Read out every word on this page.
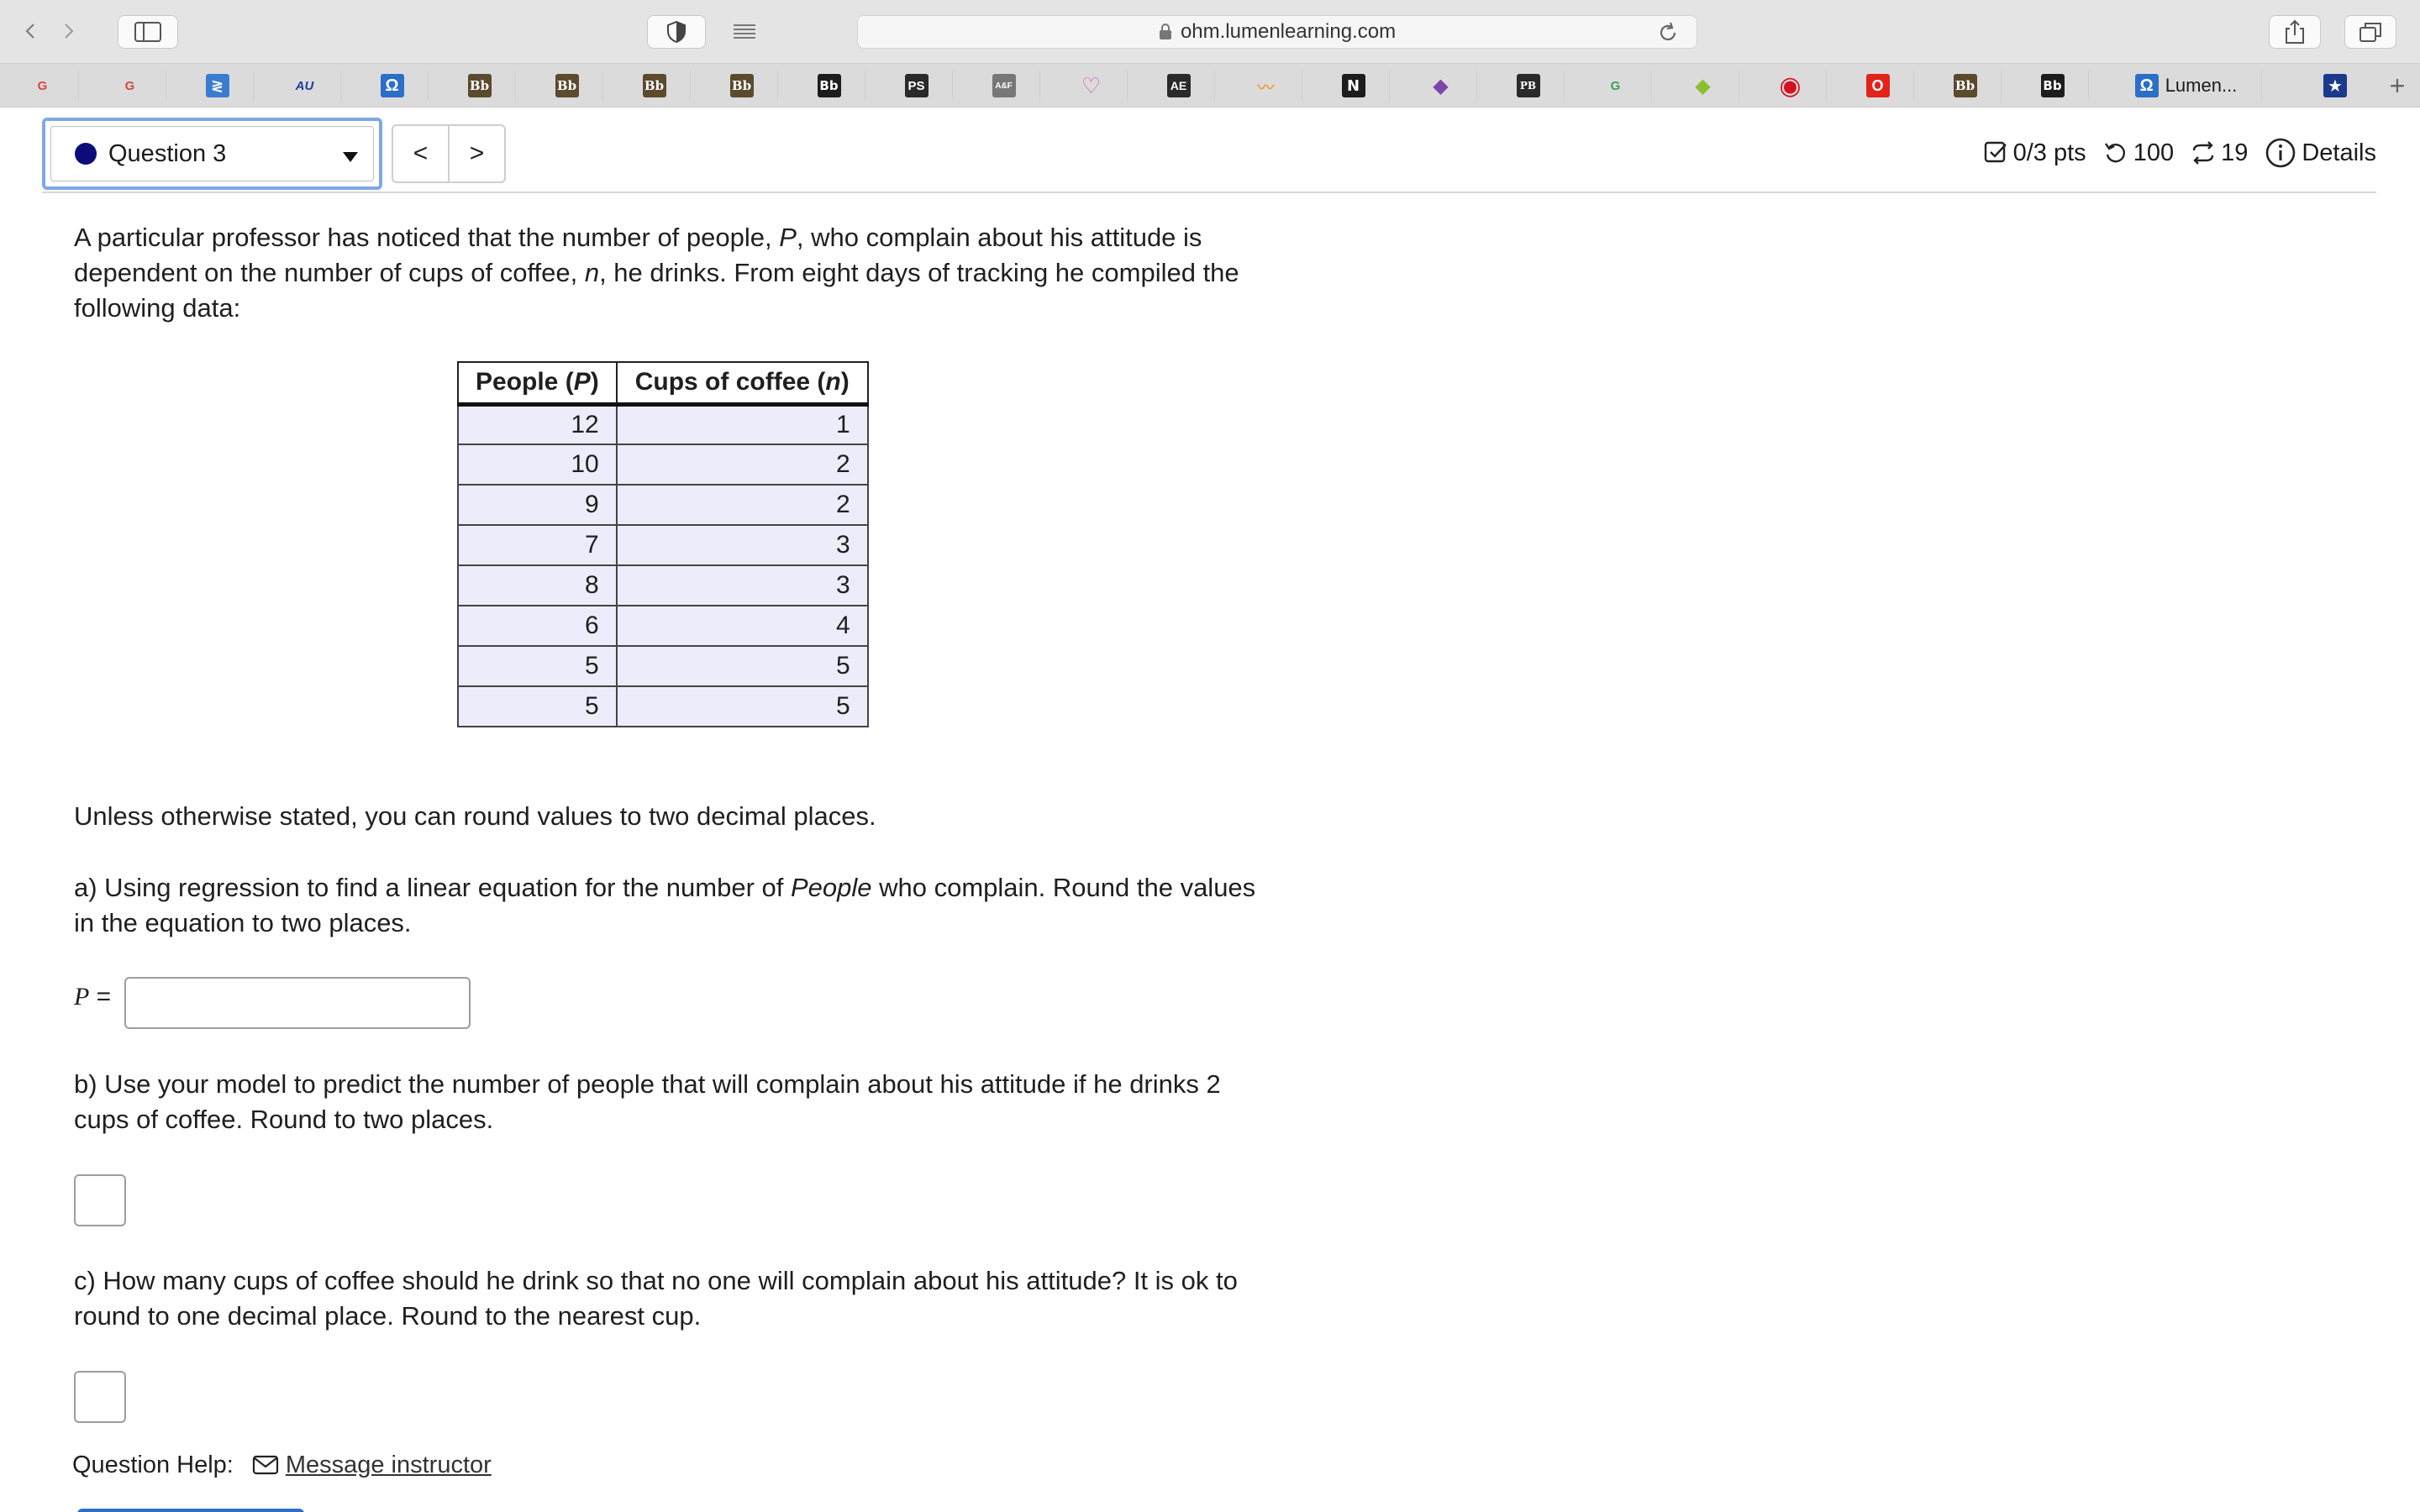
ohm.lumenlearning.com
G	G	≷	AU	Ω	Bb	Bb	Bb	Bb	Bb	PS	A&F	♡	AE	〰	N	◆	PB	G	◆	◉	O	Bb	Bb	Ω Lumen...	★	+
Question 3	<	>	0/3 pts 100 19 Details
A particular professor has noticed that the number of people, P, who complain about his attitude is dependent on the number of cups of coffee, n, he drinks. From eight days of tracking he compiled the following data:
People (P)	Cups of coffee (n)
12	1
10	2
9	2
7	3
8	3
6	4
5	5
5	5
Unless otherwise stated, you can round values to two decimal places.
a) Using regression to find a linear equation for the number of People who complain. Round the values in the equation to two places.
P =
b) Use your model to predict the number of people that will complain about his attitude if he drinks 2 cups of coffee. Round to two places.
c) How many cups of coffee should he drink so that no one will complain about his attitude? It is ok to round to one decimal place. Round to the nearest cup.
Question Help: Message instructor
